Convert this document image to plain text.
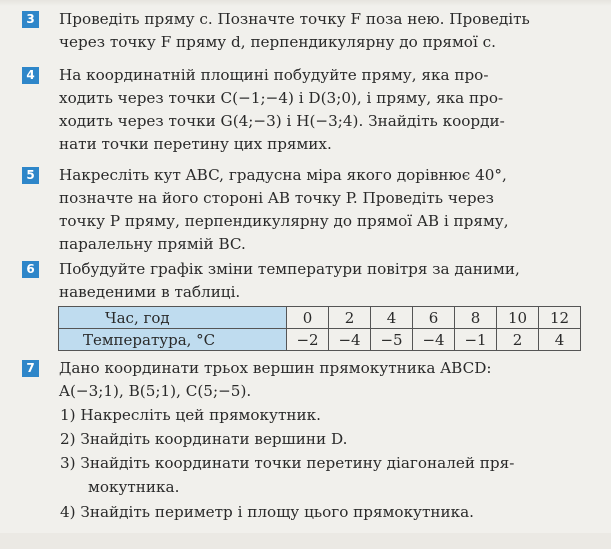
3	Проведіть пряму c. Позначте точку F поза нею. Проведіть
через точку F пряму d, перпендикулярну до прямої c.
4	На координатній площині побудуйте пряму, яка про-
ходить через точки C(−1;−4) і D(3;0), і пряму, яка про-
ходить через точки G(4;−3) і H(−3;4). Знайдіть коорди-
нати точки перетину цих прямих.
5	Накресліть кут ABC, градусна міра якого дорівнює 40°,
позначте на його стороні AB точку P. Проведіть через
точку P пряму, перпендикулярну до прямої AB і пряму,
паралельну прямій BC.
6	Побудуйте графік зміни температури повітря за даними,
наведеними в таблиці.
Час, год	0	2	4	6	8	10	12
Температура, °C	−2	−4	−5	−4	−1	2	4
7	Дано координати трьох вершин прямокутника ABCD:
A(−3;1), B(5;1), C(5;−5).
1) Накресліть цей прямокутник.
2) Знайдіть координати вершини D.
3) Знайдіть координати точки перетину діагоналей пря-
мокутника.
4) Знайдіть периметр і площу цього прямокутника.
